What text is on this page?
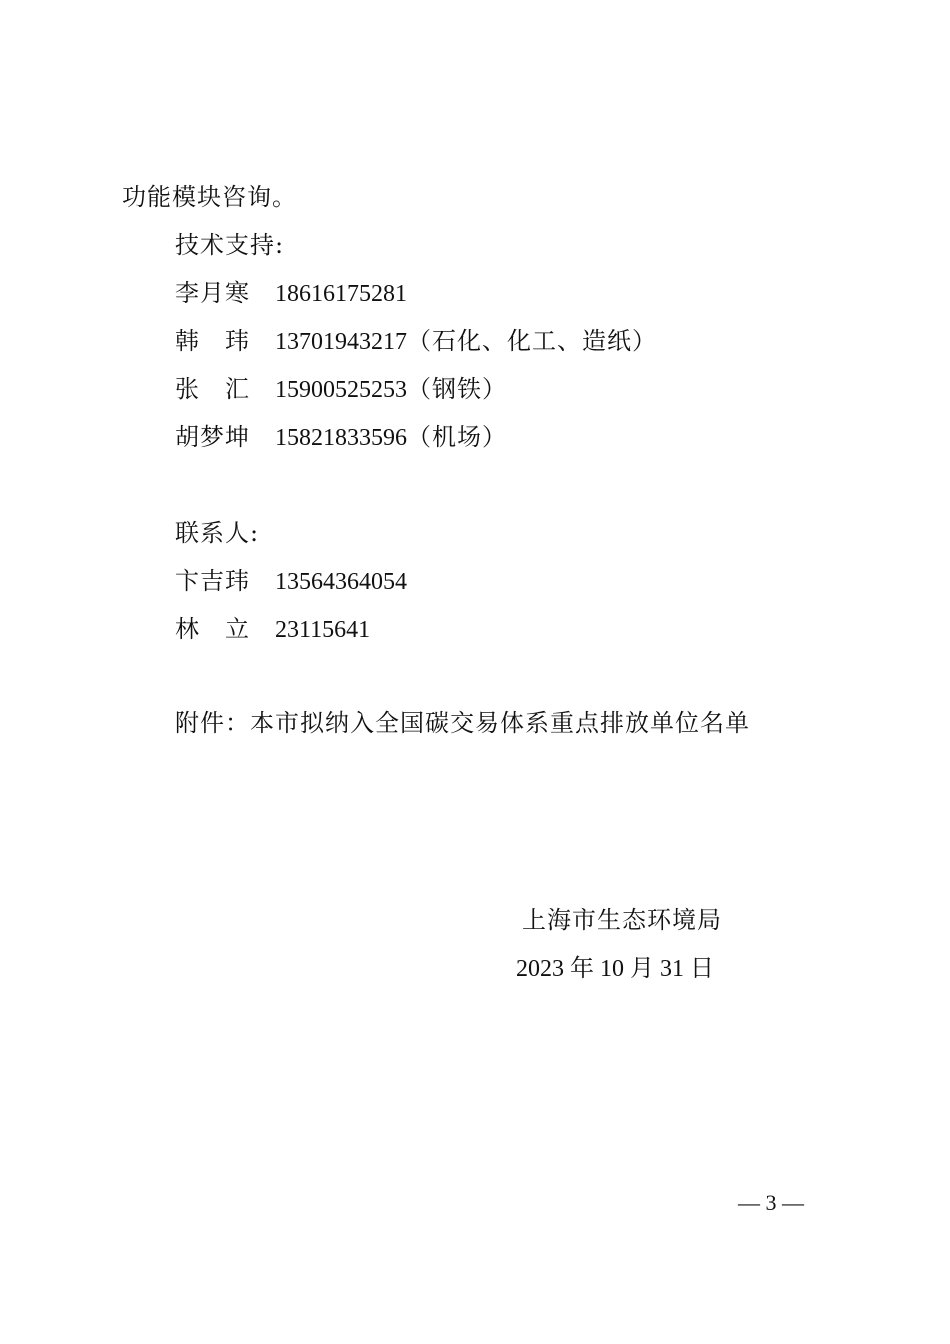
功能模块咨询。
技术支持:
李月寒 18616175281
韩　玮 13701943217（石化、化工、造纸）
张　汇 15900525253（钢铁）
胡梦坤 15821833596（机场）
联系人:
卞吉玮 13564364054
林　立 23115641
附件：本市拟纳入全国碳交易体系重点排放单位名单
上海市生态环境局
2023 年 10 月 31 日
— 3 —
